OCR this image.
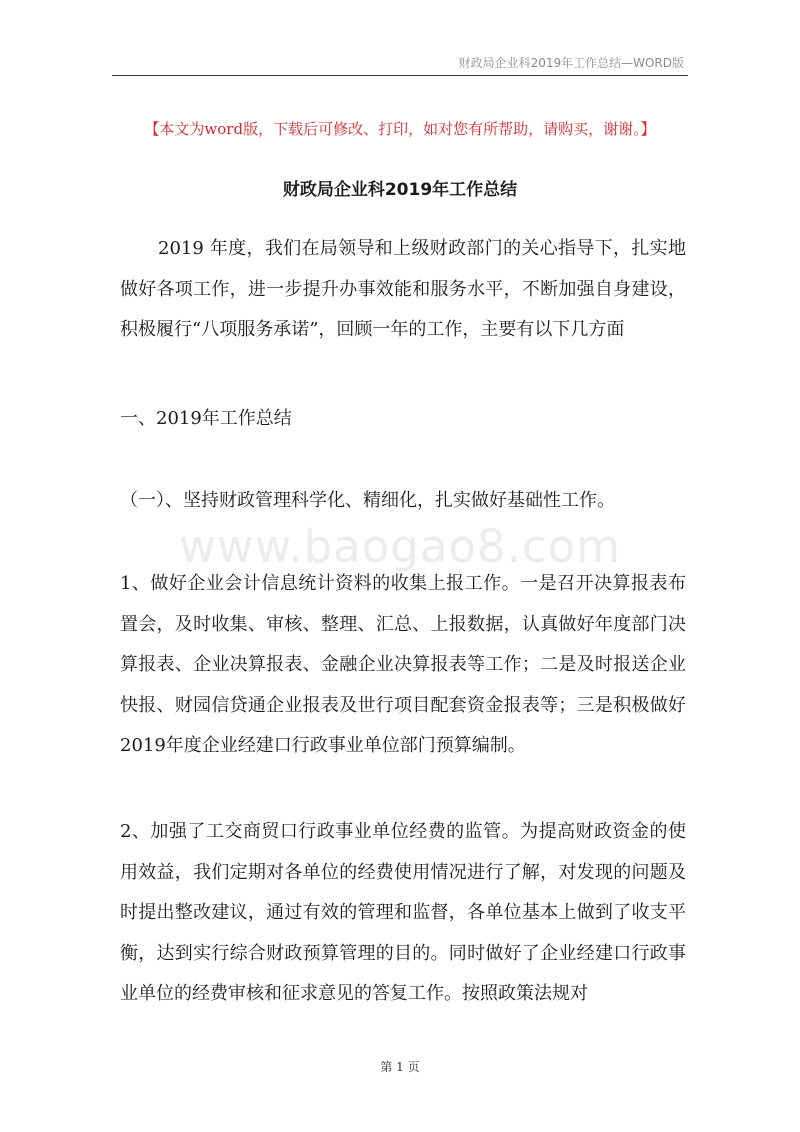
财政局企业科2019年工作总结—WORD版
【本文为word版，下载后可修改、打印，如对您有所帮助，请购买，谢谢。】
财政局企业科2019年工作总结
2019 年度，我们在局领导和上级财政部门的关心指导下，扎实地做好各项工作，进一步提升办事效能和服务水平，不断加强自身建设，积极履行“八项服务承诺”，回顾一年的工作，主要有以下几方面
一、2019年工作总结
（一）、坚持财政管理科学化、精细化，扎实做好基础性工作。
www.baogao8.com
1、做好企业会计信息统计资料的收集上报工作。一是召开决算报表布置会，及时收集、审核、整理、汇总、上报数据，认真做好年度部门决算报表、企业决算报表、金融企业决算报表等工作；二是及时报送企业快报、财园信贷通企业报表及世行项目配套资金报表等；三是积极做好2019年度企业经建口行政事业单位部门预算编制。
2、加强了工交商贸口行政事业单位经费的监管。为提高财政资金的使用效益，我们定期对各单位的经费使用情况进行了解，对发现的问题及时提出整改建议，通过有效的管理和监督，各单位基本上做到了收支平衡，达到实行综合财政预算管理的目的。同时做好了企业经建口行政事业单位的经费审核和征求意见的答复工作。按照政策法规对
第 1 页
